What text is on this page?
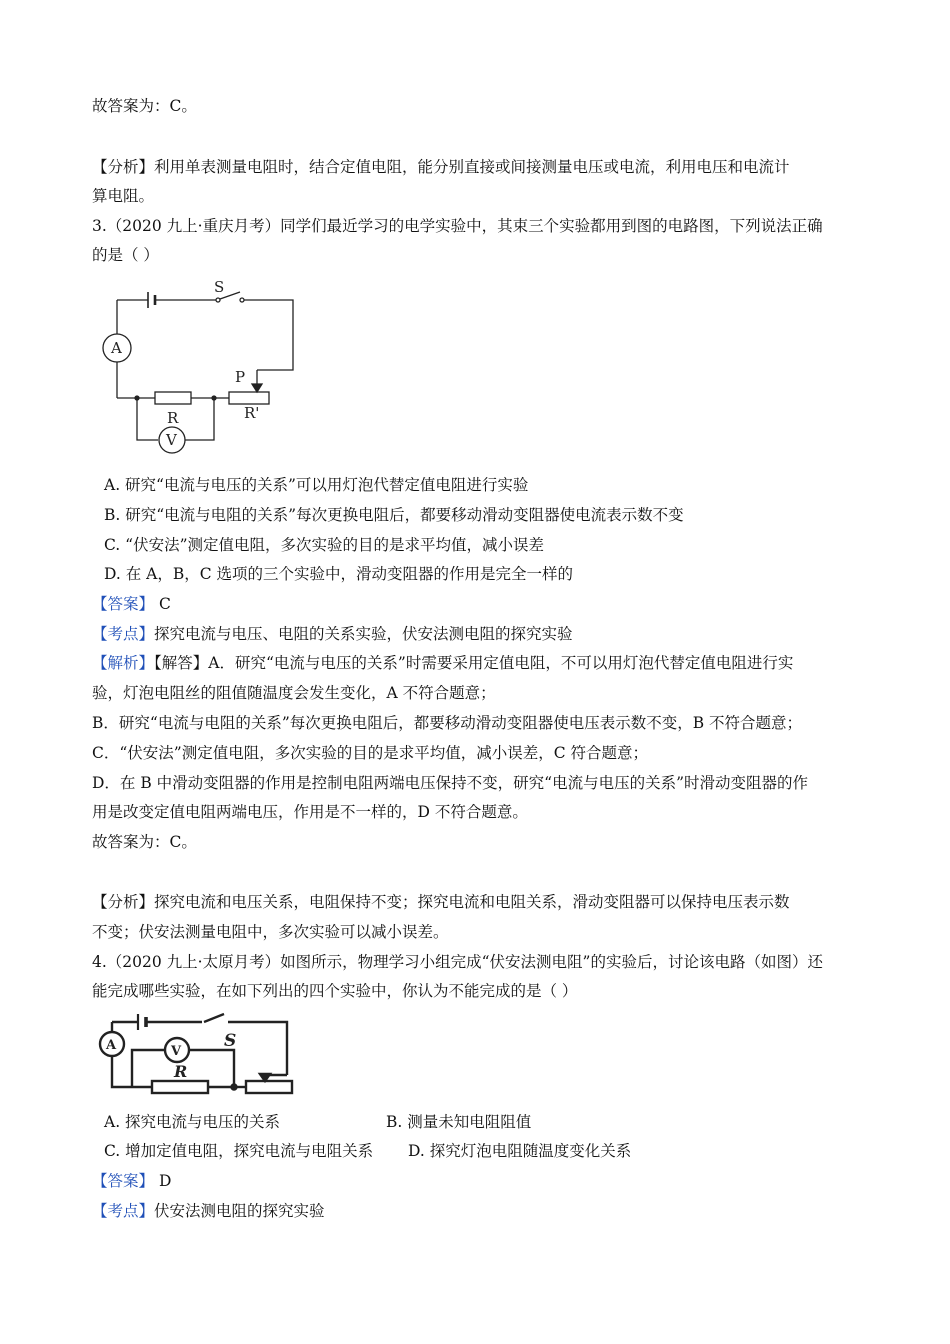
故答案为：C。
【分析】利用单表测量电阻时，结合定值电阻，能分别直接或间接测量电压或电流，利用电压和电流计
算电阻。
3.（2020 九上·重庆月考）同学们最近学习的电学实验中，其束三个实验都用到图的电路图，下列说法正确
的是（ ）
S
A
P
R	R'
V
A. 研究“电流与电压的关系”可以用灯泡代替定值电阻进行实验
B. 研究“电流与电阻的关系”每次更换电阻后，都要移动滑动变阻器使电流表示数不变
C. “伏安法”测定值电阻，多次实验的目的是求平均值，减小误差
D. 在 A，B，C 选项的三个实验中，滑动变阻器的作用是完全一样的
【答案】 C
【考点】探究电流与电压、电阻的关系实验，伏安法测电阻的探究实验
【解析】【解答】A．研究“电流与电压的关系”时需要采用定值电阻，不可以用灯泡代替定值电阻进行实
验，灯泡电阻丝的阻值随温度会发生变化，A 不符合题意；
B．研究“电流与电阻的关系”每次更换电阻后，都要移动滑动变阻器使电压表示数不变，B 不符合题意；
C．“伏安法”测定值电阻，多次实验的目的是求平均值，减小误差，C 符合题意；
D．在 B 中滑动变阻器的作用是控制电阻两端电压保持不变，研究“电流与电压的关系”时滑动变阻器的作
用是改变定值电阻两端电压，作用是不一样的，D 不符合题意。
故答案为：C。
【分析】探究电流和电压关系，电阻保持不变；探究电流和电阻关系，滑动变阻器可以保持电压表示数
不变；伏安法测量电阻中，多次实验可以减小误差。
4.（2020 九上·太原月考）如图所示，物理学习小组完成“伏安法测电阻”的实验后，讨论该电路（如图）还
能完成哪些实验，在如下列出的四个实验中，你认为不能完成的是（ ）
S
A	V
R
A. 探究电流与电压的关系	B. 测量未知电阻阻值
C. 增加定值电阻，探究电流与电阻关系 D. 探究灯泡电阻随温度变化关系
【答案】 D
【考点】伏安法测电阻的探究实验
